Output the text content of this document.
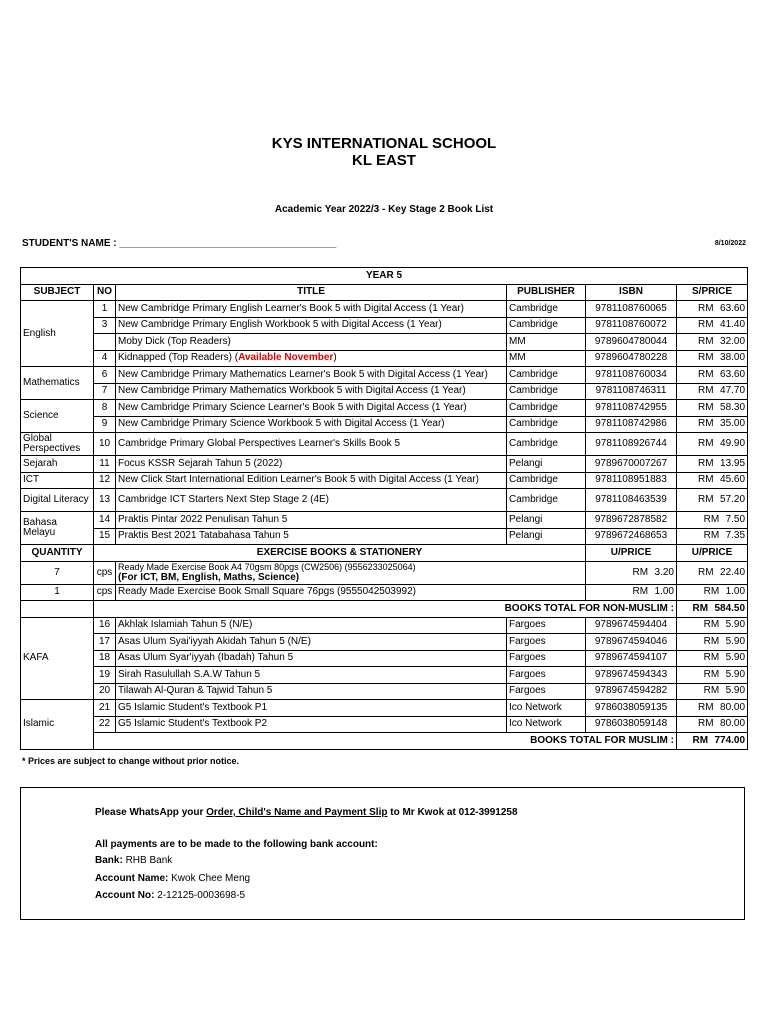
KYS INTERNATIONAL SCHOOL
KL EAST
Academic Year 2022/3 - Key Stage 2 Book List
STUDENT'S NAME : _______________________________________	8/10/2022
YEAR 5					
SUBJECT	NO	TITLE	PUBLISHER	ISBN	S/PRICE
English	1	New Cambridge Primary English Learner's Book 5 with Digital Access (1 Year)	Cambridge	9781108760065	RM 63.60
	3	New Cambridge Primary English Workbook 5 with Digital Access (1 Year)	Cambridge	9781108760072	RM 41.40
		Moby Dick (Top Readers)	MM	9789604780044	RM 32.00
	4	Kidnapped (Top Readers) (Available November)	MM	9789604780228	RM 38.00
Mathematics	6	New Cambridge Primary Mathematics Learner's Book 5 with Digital Access (1 Year)	Cambridge	9781108760034	RM 63.60
	7	New Cambridge Primary Mathematics Workbook 5 with Digital Access (1 Year)	Cambridge	9781108746311	RM 47.70
Science	8	New Cambridge Primary Science Learner's Book 5 with Digital Access (1 Year)	Cambridge	9781108742955	RM 58.30
	9	New Cambridge Primary Science Workbook 5 with Digital Access (1 Year)	Cambridge	9781108742986	RM 35.00
Global Perspectives	10	Cambridge Primary Global Perspectives Learner's Skills Book 5	Cambridge	9781108926744	RM 49.90
Sejarah	11	Focus KSSR Sejarah Tahun 5 (2022)	Pelangi	9789670007267	RM 13.95
ICT	12	New Click Start International Edition Learner's Book 5 with Digital Access (1 Year)	Cambridge	9781108951883	RM 45.60
Digital Literacy	13	Cambridge ICT Starters Next Step Stage 2 (4E)	Cambridge	9781108463539	RM 57.20
Bahasa Melayu	14	Praktis Pintar 2022 Penulisan Tahun 5	Pelangi	9789672878582	RM 7.50
	15	Praktis Best 2021 Tatabahasa Tahun 5	Pelangi	9789672468653	RM 7.35
QUANTITY	EXERCISE BOOKS & STATIONERY			U/PRICE	U/PRICE
7	cps	Ready Made Exercise Book A4 70gsm 80pgs (CW2506) (9556233025064)
(For ICT, BM, English, Maths, Science)		RM 3.20	RM 22.40
1	cps	Ready Made Exercise Book Small Square 76pgs (9555042503992)		RM 1.00	RM 1.00
	BOOKS TOTAL FOR NON-MUSLIM :				RM 584.50
KAFA	16	Akhlak Islamiah Tahun 5 (N/E)	Fargoes	9789674594404	RM 5.90
	17	Asas Ulum Syai'iyyah Akidah Tahun 5 (N/E)	Fargoes	9789674594046	RM 5.90
	18	Asas Ulum Syar'iyyah (Ibadah) Tahun 5	Fargoes	9789674594107	RM 5.90
	19	Sirah Rasulullah S.A.W Tahun 5	Fargoes	9789674594343	RM 5.90
	20	Tilawah Al-Quran & Tajwid Tahun 5	Fargoes	9789674594282	RM 5.90
Islamic	21	G5 Islamic Student's Textbook P1	Ico Network	9786038059135	RM 80.00
	22	G5 Islamic Student's Textbook P2	Ico Network	9786038059148	RM 80.00
	BOOKS TOTAL FOR MUSLIM :				RM 774.00
* Prices are subject to change without prior notice.
Please WhatsApp your Order, Child's Name and Payment Slip to Mr Kwok at 012-3991258
All payments are to be made to the following bank account:
Bank: RHB Bank
Account Name: Kwok Chee Meng
Account No: 2-12125-0003698-5
